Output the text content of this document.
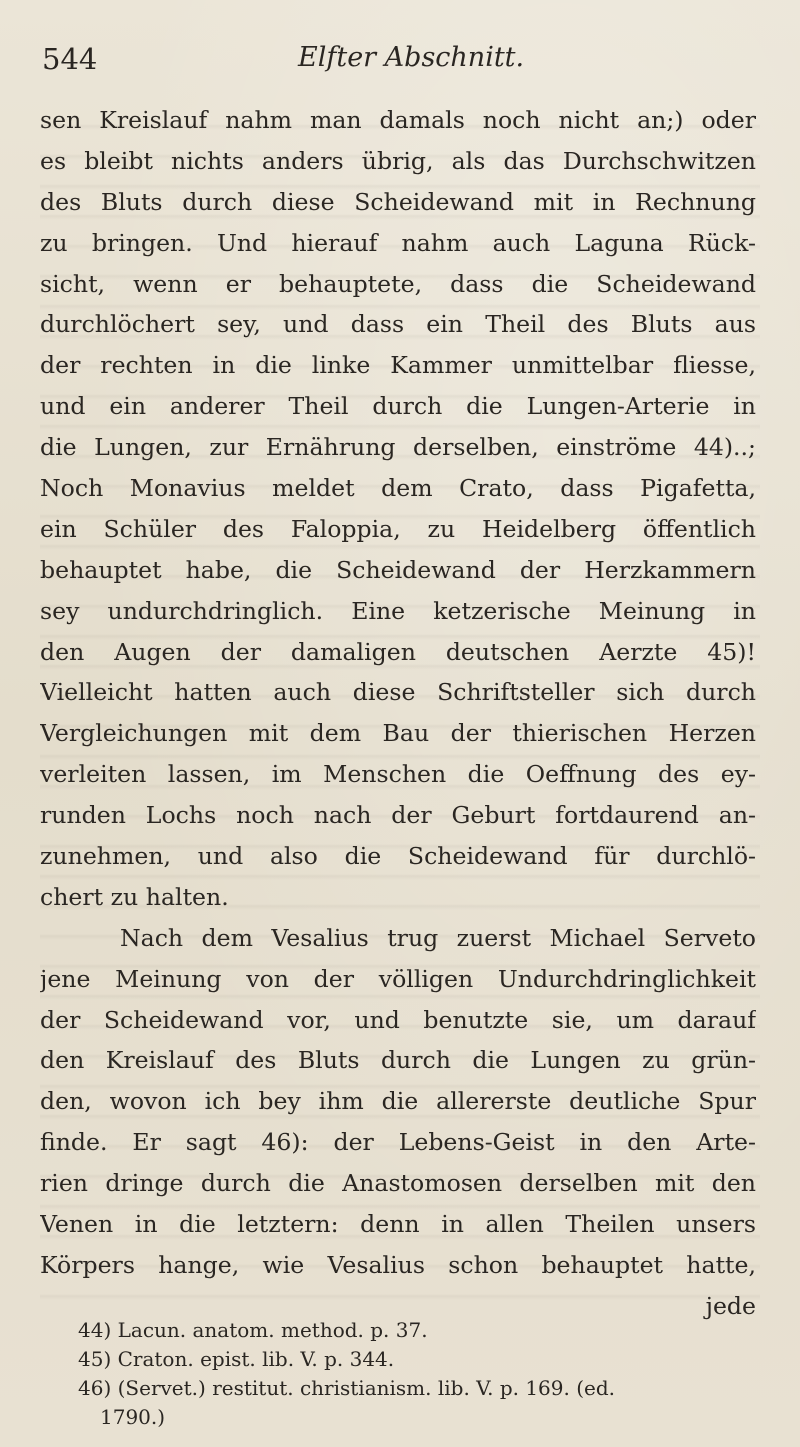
544	Elfter Abschnitt.
sen Kreislauf nahm man damals noch nicht an;) oder
es bleibt nichts anders übrig, als das Durchschwitzen
des Bluts durch diese Scheidewand mit in Rechnung
zu bringen. Und hierauf nahm auch Laguna Rück-
sicht, wenn er behauptete, dass die Scheidewand
durchlöchert sey, und dass ein Theil des Bluts aus
der rechten in die linke Kammer unmittelbar fliesse,
und ein anderer Theil durch die Lungen-Arterie in
die Lungen, zur Ernährung derselben, einströme 44)..;
Noch Monavius meldet dem Crato, dass Pigafetta,
ein Schüler des Faloppia, zu Heidelberg öffentlich
behauptet habe, die Scheidewand der Herzkammern
sey undurchdringlich. Eine ketzerische Meinung in
den Augen der damaligen deutschen Aerzte 45)!
Vielleicht hatten auch diese Schriftsteller sich durch
Vergleichungen mit dem Bau der thierischen Herzen
verleiten lassen, im Menschen die Oeffnung des ey-
runden Lochs noch nach der Geburt fortdaurend an-
zunehmen, und also die Scheidewand für durchlö-
chert zu halten.
Nach dem Vesalius trug zuerst Michael Serveto
jene Meinung von der völligen Undurchdringlichkeit
der Scheidewand vor, und benutzte sie, um darauf
den Kreislauf des Bluts durch die Lungen zu grün-
den, wovon ich bey ihm die allererste deutliche Spur
finde. Er sagt 46): der Lebens-Geist in den Arte-
rien dringe durch die Anastomosen derselben mit den
Venen in die letztern: denn in allen Theilen unsers
Körpers hange, wie Vesalius schon behauptet hatte,
jede
44) Lacun. anatom. method. p. 37.
45) Craton. epist. lib. V. p. 344.
46) (Servet.) restitut. christianism. lib. V. p. 169. (ed.
1790.)
